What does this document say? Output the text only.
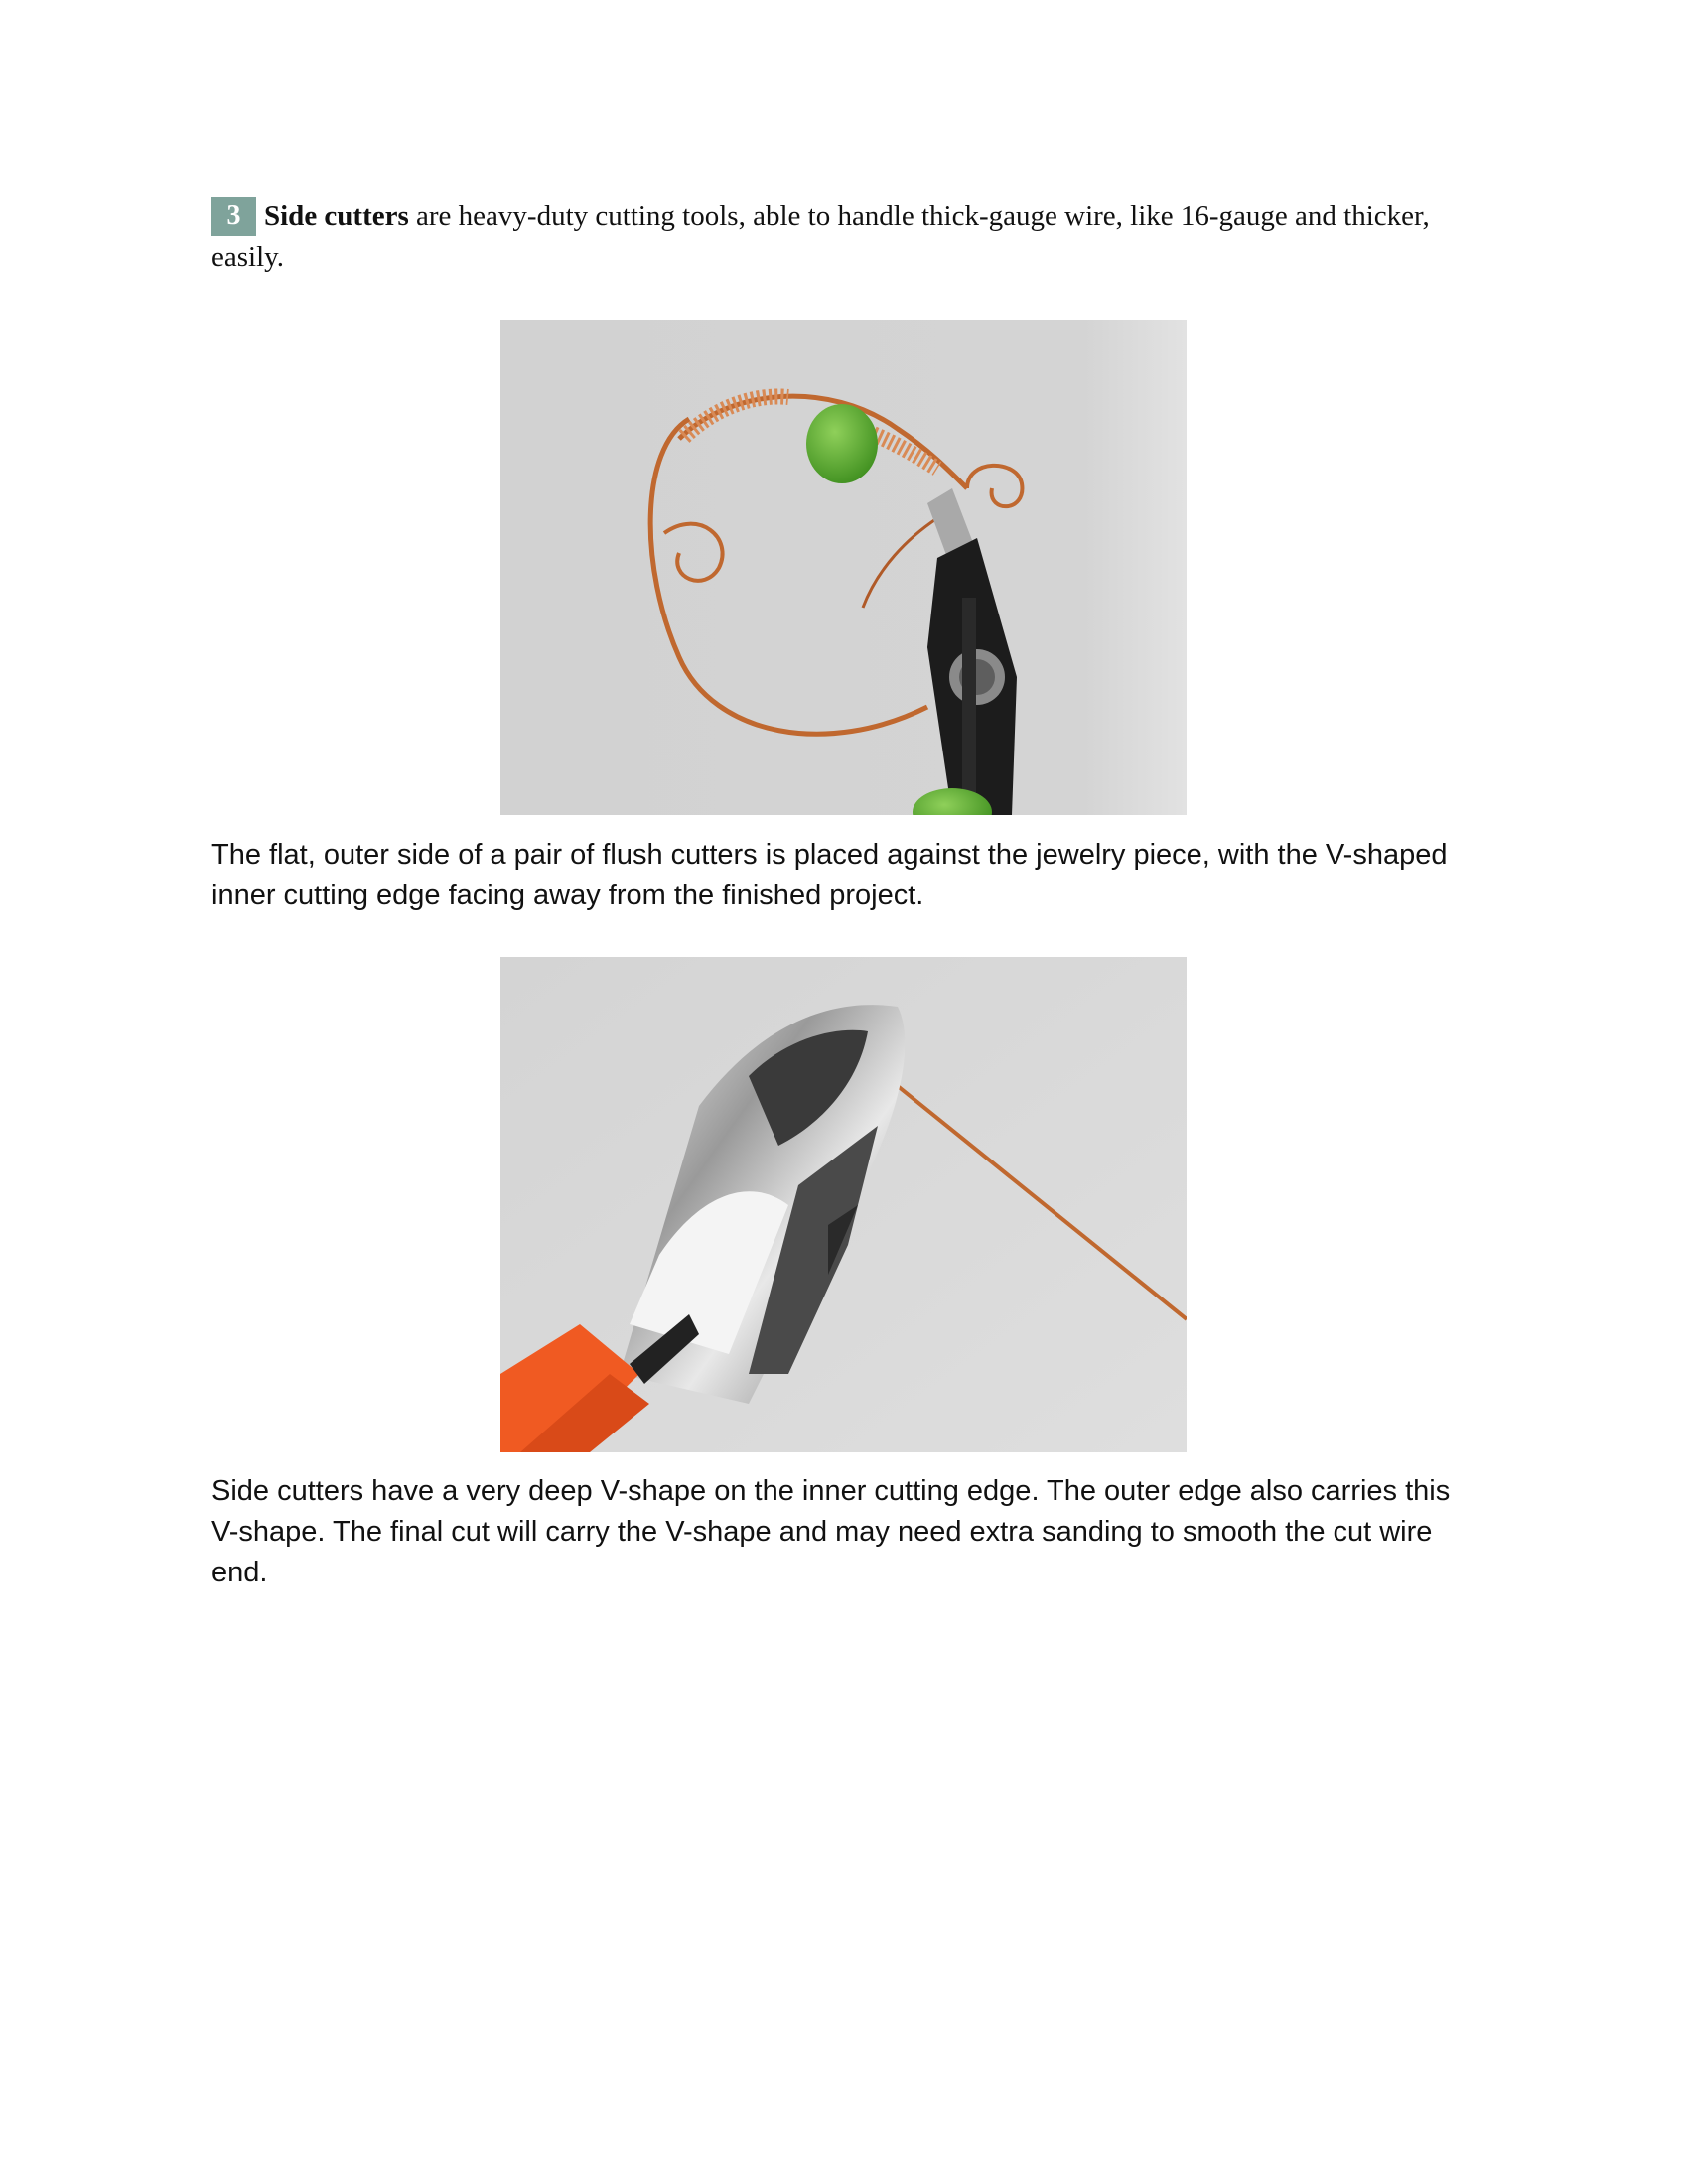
3 Side cutters are heavy-duty cutting tools, able to handle thick-gauge wire, like 16-gauge and thicker, easily.
The flat, outer side of a pair of flush cutters is placed against the jewelry piece, with the V-shaped inner cutting edge facing away from the finished project.
Side cutters have a very deep V-shape on the inner cutting edge. The outer edge also carries this V-shape. The final cut will carry the V-shape and may need extra sanding to smooth the cut wire end.
